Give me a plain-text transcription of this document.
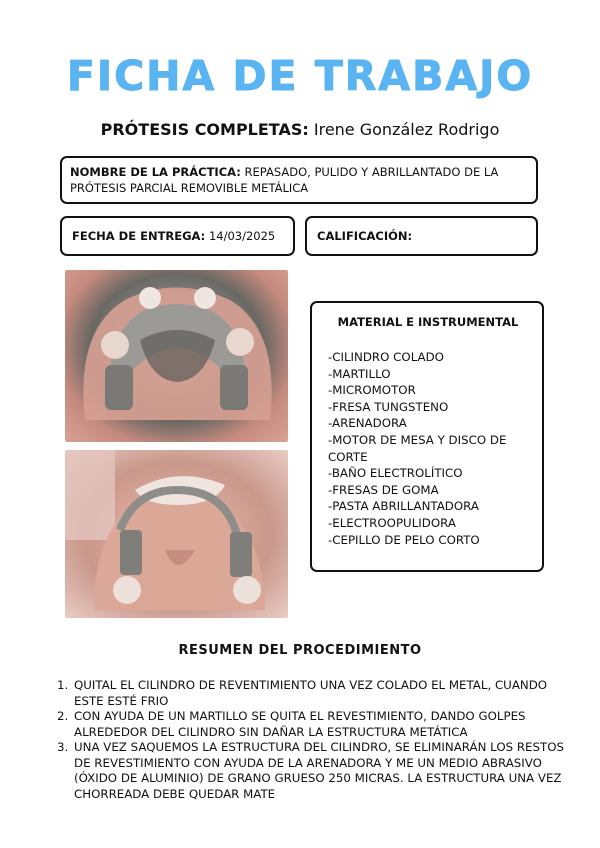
FICHA DE TRABAJO
PRÓTESIS COMPLETAS: Irene González Rodrigo
NOMBRE DE LA PRÁCTICA: REPASADO, PULIDO Y ABRILLANTADO DE LA PRÓTESIS PARCIAL REMOVIBLE METÁLICA
FECHA DE ENTREGA:
14/03/2025	CALIFICACIÓN:
MATERIAL E INSTRUMENTAL
-CILINDRO COLADO
-MARTILLO
-MICROMOTOR
-FRESA TUNGSTENO
-ARENADORA
-MOTOR DE MESA Y DISCO DE CORTE
-BAÑO ELECTROLÍTICO
-FRESAS DE GOMA
-PASTA ABRILLANTADORA
-ELECTROOPULIDORA
-CEPILLO DE PELO CORTO
RESUMEN DEL PROCEDIMIENTO
1. QUITAL EL CILINDRO DE REVENTIMIENTO UNA VEZ COLADO EL METAL, CUANDO ESTE ESTÉ FRIO
2. CON AYUDA DE UN MARTILLO SE QUITA EL REVESTIMIENTO, DANDO GOLPES ALREDEDOR DEL CILINDRO SIN DAÑAR LA ESTRUCTURA METÁTICA
3. UNA VEZ SAQUEMOS LA ESTRUCTURA DEL CILINDRO, SE ELIMINARÁN LOS RESTOS DE REVESTIMIENTO CON AYUDA DE LA ARENADORA Y ME UN MEDIO ABRASIVO (ÓXIDO DE ALUMINIO) DE GRANO GRUESO 250 MICRAS. LA ESTRUCTURA UNA VEZ CHORREADA DEBE QUEDAR MATE
